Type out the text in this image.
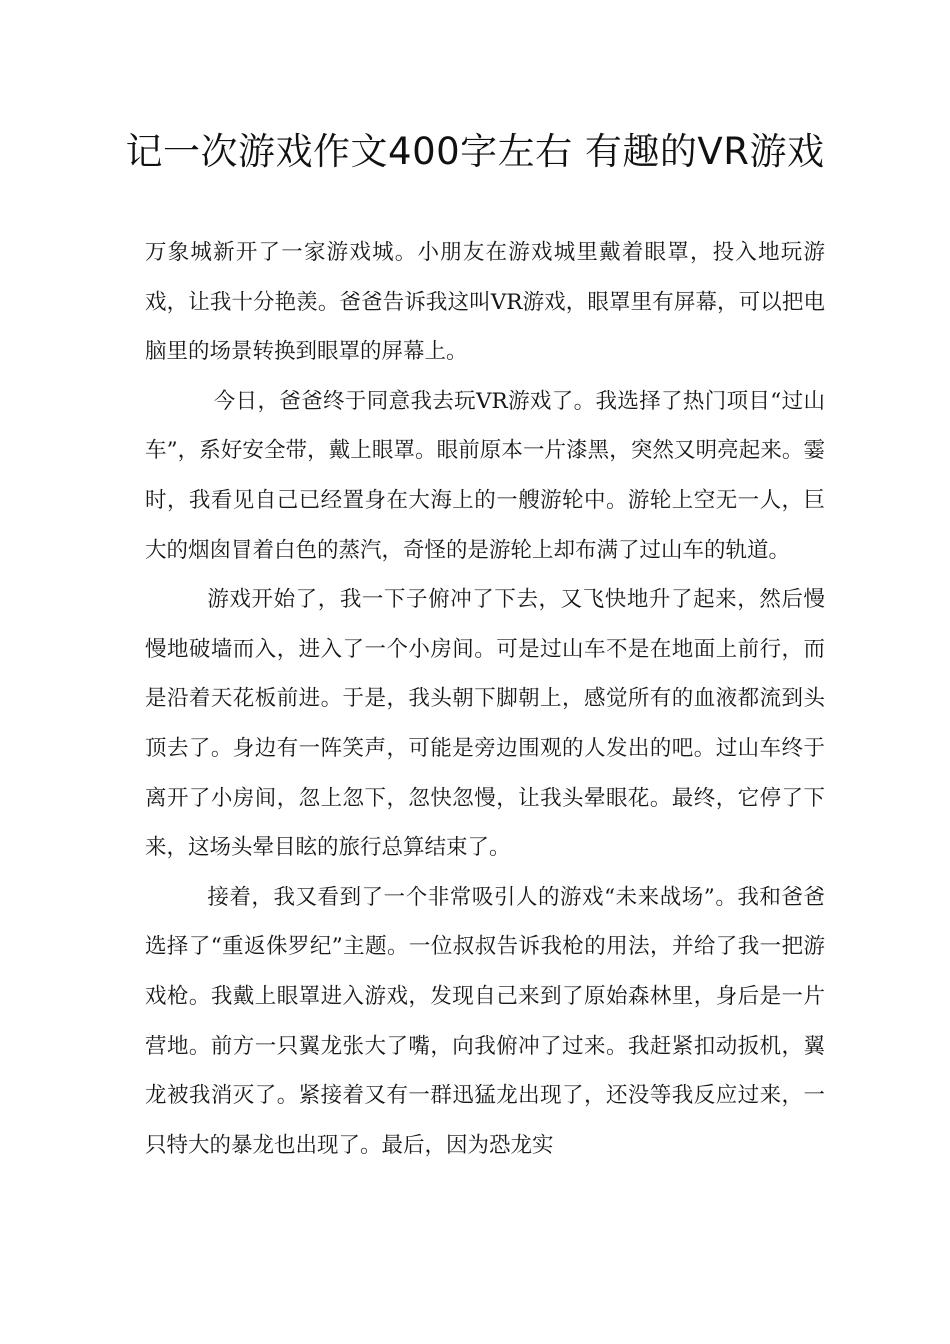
记一次游戏作文400字左右 有趣的VR游戏

万象城新开了一家游戏城。小朋友在游戏城里戴着眼罩，投入地玩游戏，让我十分艳羡。爸爸告诉我这叫VR游戏，眼罩里有屏幕，可以把电脑里的场景转换到眼罩的屏幕上。

今日，爸爸终于同意我去玩VR游戏了。我选择了热门项目“过山车”，系好安全带，戴上眼罩。眼前原本一片漆黑，突然又明亮起来。霎时，我看见自己已经置身在大海上的一艘游轮中。游轮上空无一人，巨大的烟囱冒着白色的蒸汽，奇怪的是游轮上却布满了过山车的轨道。

游戏开始了，我一下子俯冲了下去，又飞快地升了起来，然后慢慢地破墙而入，进入了一个小房间。可是过山车不是在地面上前行，而是沿着天花板前进。于是，我头朝下脚朝上，感觉所有的血液都流到头顶去了。身边有一阵笑声，可能是旁边围观的人发出的吧。过山车终于离开了小房间，忽上忽下，忽快忽慢，让我头晕眼花。最终，它停了下来，这场头晕目眩的旅行总算结束了。

接着，我又看到了一个非常吸引人的游戏“未来战场”。我和爸爸选择了“重返侏罗纪”主题。一位叔叔告诉我枪的用法，并给了我一把游戏枪。我戴上眼罩进入游戏，发现自己来到了原始森林里，身后是一片营地。前方一只翼龙张大了嘴，向我俯冲了过来。我赶紧扣动扳机，翼龙被我消灭了。紧接着又有一群迅猛龙出现了，还没等我反应过来，一只特大的暴龙也出现了。最后，因为恐龙实
